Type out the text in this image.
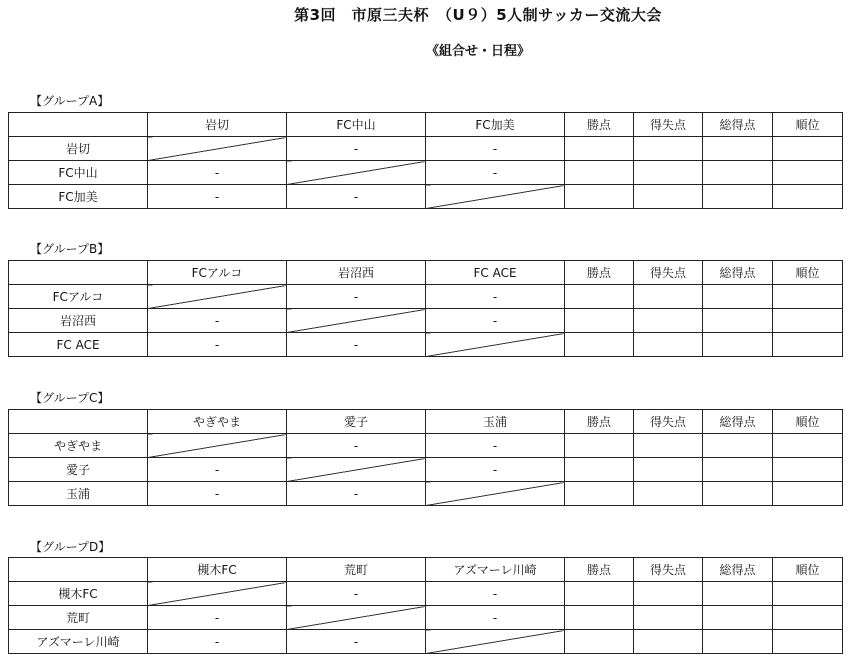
第3回　市原三夫杯　（U９）5人制サッカー交流大会
《組合せ・日程》
【グループA】
	岩切	FC中山	FC加美	勝点	得失点	総得点	順位
岩切		-	-				
FC中山	-		-				
FC加美	-	-					
【グループB】
	FCアルコ	岩沼西	FC ACE	勝点	得失点	総得点	順位
FCアルコ		-	-				
岩沼西	-		-				
FC ACE	-	-					
【グループC】
	やぎやま	愛子	玉浦	勝点	得失点	総得点	順位
やぎやま		-	-				
愛子	-		-				
玉浦	-	-					
【グループD】
	槻木FC	荒町	アズマーレ川崎	勝点	得失点	総得点	順位
槻木FC		-	-				
荒町	-		-				
アズマーレ川崎	-	-					
